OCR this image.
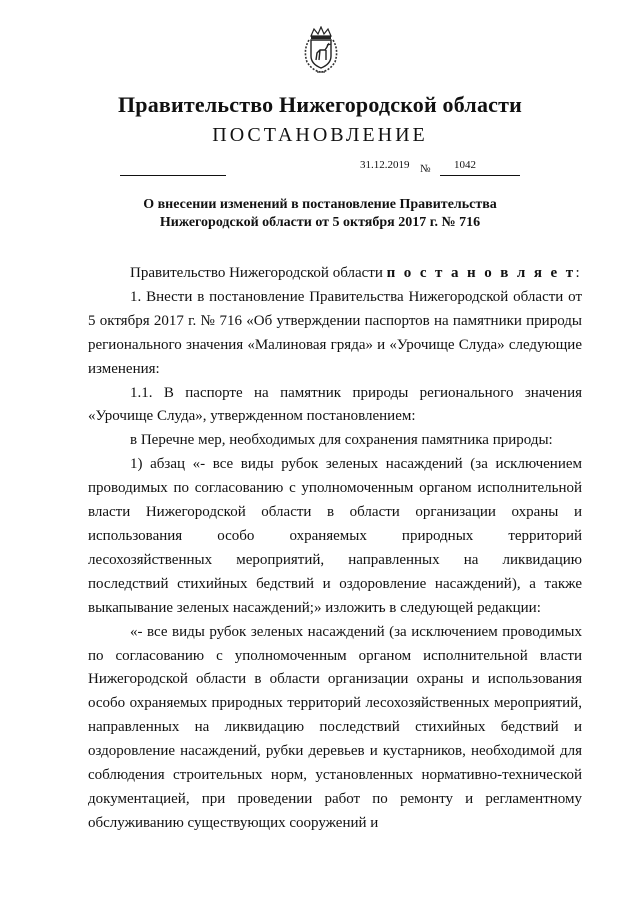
Правительство Нижегородской области
ПОСТАНОВЛЕНИЕ
31.12.2019 № 1042
О внесении изменений в постановление Правительства
Нижегородской области от 5 октября 2017 г. № 716

Правительство Нижегородской области п о с т а н о в л я е т:

1. Внести в постановление Правительства Нижегородской области от 5 октября 2017 г. № 716 «Об утверждении паспортов на памятники природы регионального значения «Малиновая гряда» и «Урочище Слуда» следующие изменения:

1.1. В паспорте на памятник природы регионального значения «Урочище Слуда», утвержденном постановлением:

в Перечне мер, необходимых для сохранения памятника природы:

1) абзац «- все виды рубок зеленых насаждений (за исключением проводимых по согласованию с уполномоченным органом исполнительной власти Нижегородской области в области организации охраны и использования особо охраняемых природных территорий лесохозяйственных мероприятий, направленных на ликвидацию последствий стихийных бедствий и оздоровление насаждений), а также выкапывание зеленых насаждений;» изложить в следующей редакции:

«- все виды рубок зеленых насаждений (за исключением проводимых по согласованию с уполномоченным органом исполнительной власти Нижегородской области в области организации охраны и использования особо охраняемых природных территорий лесохозяйственных мероприятий, направленных на ликвидацию последствий стихийных бедствий и оздоровление насаждений, рубки деревьев и кустарников, необходимой для соблюдения строительных норм, установленных нормативно-технической документацией, при проведении работ по ремонту и регламентному обслуживанию существующих сооружений и
